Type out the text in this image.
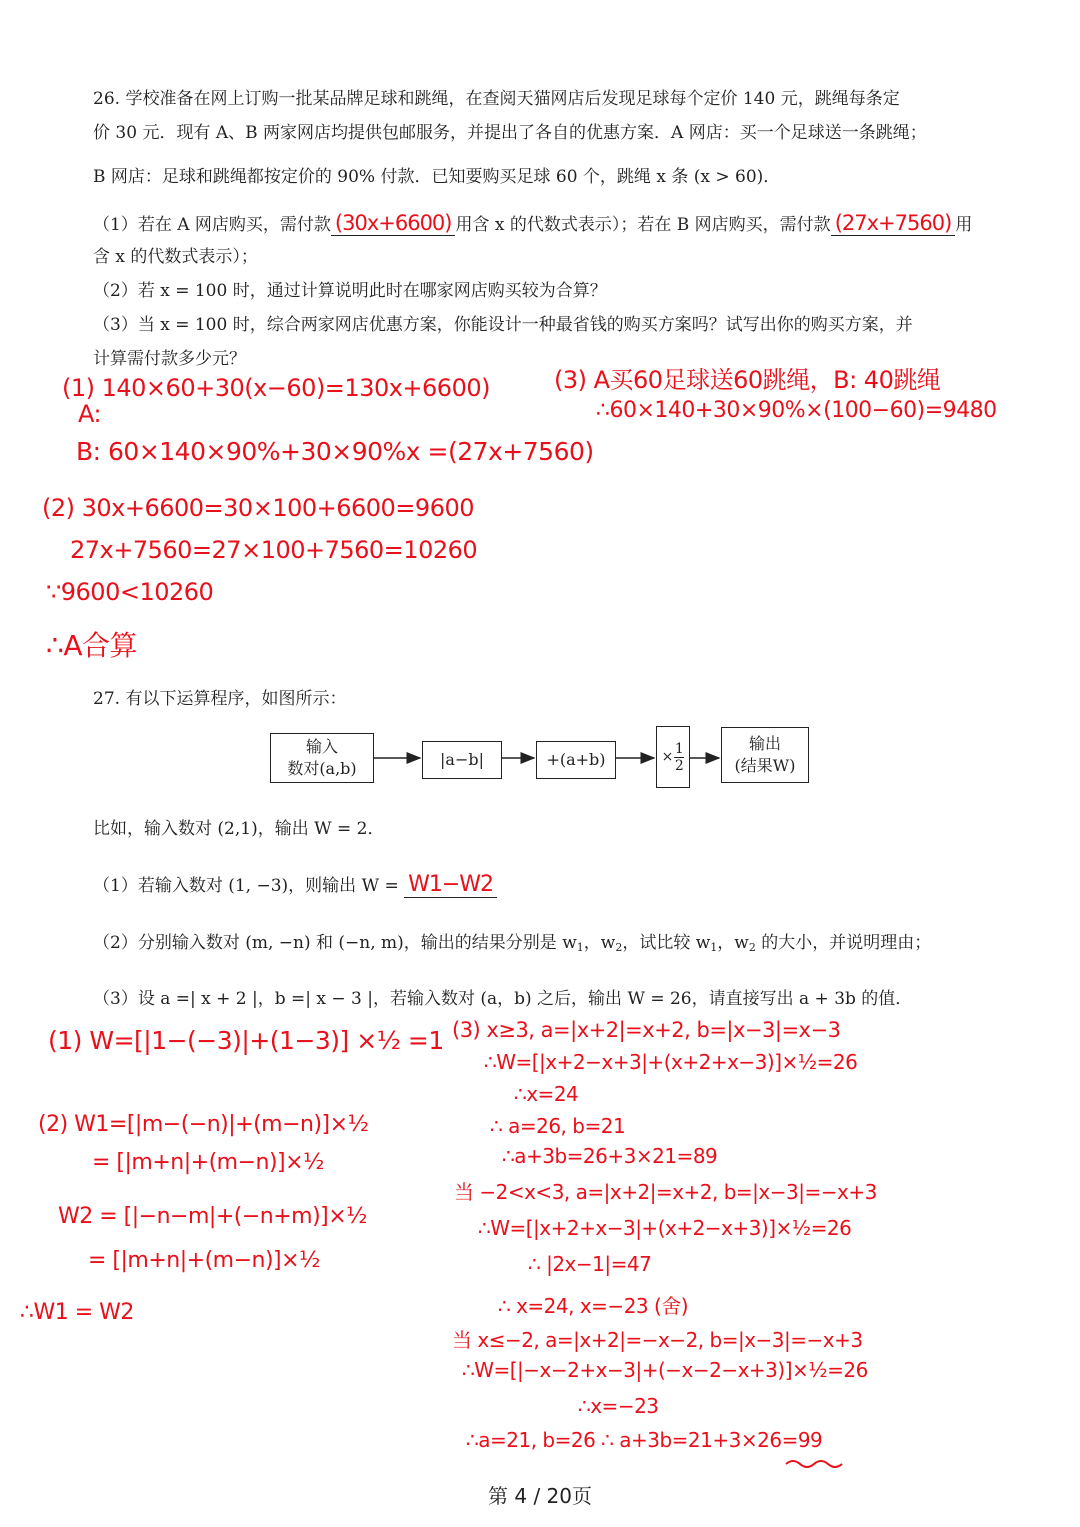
26. 学校准备在网上订购一批某品牌足球和跳绳，在查阅天猫网店后发现足球每个定价 140 元，跳绳每条定
价 30 元．现有 A、B 两家网店均提供包邮服务，并提出了各自的优惠方案．A 网店：买一个足球送一条跳绳；
B 网店：足球和跳绳都按定价的 90% 付款．已知要购买足球 60 个，跳绳 x 条 (x > 60)．
（1）若在 A 网店购买，需付款 (30x+6600) 用含 x 的代数式表示）；若在 B 网店购买，需付款 (27x+7560) 用
含 x 的代数式表示）；
（2）若 x = 100 时，通过计算说明此时在哪家网店购买较为合算？
（3）当 x = 100 时，综合两家网店优惠方案，你能设计一种最省钱的购买方案吗？试写出你的购买方案，并
计算需付款多少元？
(1) 140×60+30(x−60)=130x+6600)
A:
B: 60×140×90%+30×90%x =(27x+7560)
(2) 30x+6600=30×100+6600=9600
27x+7560=27×100+7560=10260
∵9600<10260
∴A合算
(3) A买60足球送60跳绳，B: 40跳绳
∴60×140+30×90%×(100−60)=9480
27. 有以下运算程序，如图所示：
输入
数对(a,b)	|a−b|	+(a+b)	×
1
2
输出
(结果W)
比如，输入数对 (2,1)，输出 W = 2．
（1）若输入数对 (1, −3)，则输出 W = W1−W2
（2）分别输入数对 (m, −n) 和 (−n, m)，输出的结果分别是 $w_1$，$w_2$，试比较 $w_1$，$w_2$ 的大小，并说明理由；
（3）设 a =| x + 2 |，b =| x − 3 |，若输入数对 (a，b) 之后，输出 W = 26，请直接写出 a + 3b 的值．
(1) W=[|1−(−3)|+(1−3)] ×½ =1
(2) W1=[|m−(−n)|+(m−n)]×½
= [|m+n|+(m−n)]×½
W2 = [|−n−m|+(−n+m)]×½
= [|m+n|+(m−n)]×½
∴W1 = W2
(3) x≥3, a=|x+2|=x+2, b=|x−3|=x−3
∴W=[|x+2−x+3|+(x+2+x−3)]×½=26
∴x=24
∴ a=26, b=21
∴a+3b=26+3×21=89
当 −2<x<3, a=|x+2|=x+2, b=|x−3|=−x+3
∴W=[|x+2+x−3|+(x+2−x+3)]×½=26
∴ |2x−1|=47
∴ x=24, x=−23 (舍)
当 x≤−2, a=|x+2|=−x−2, b=|x−3|=−x+3
∴W=[|−x−2+x−3|+(−x−2−x+3)]×½=26
∴x=−23
∴a=21, b=26 ∴ a+3b=21+3×26=99
第 4 / 20页
